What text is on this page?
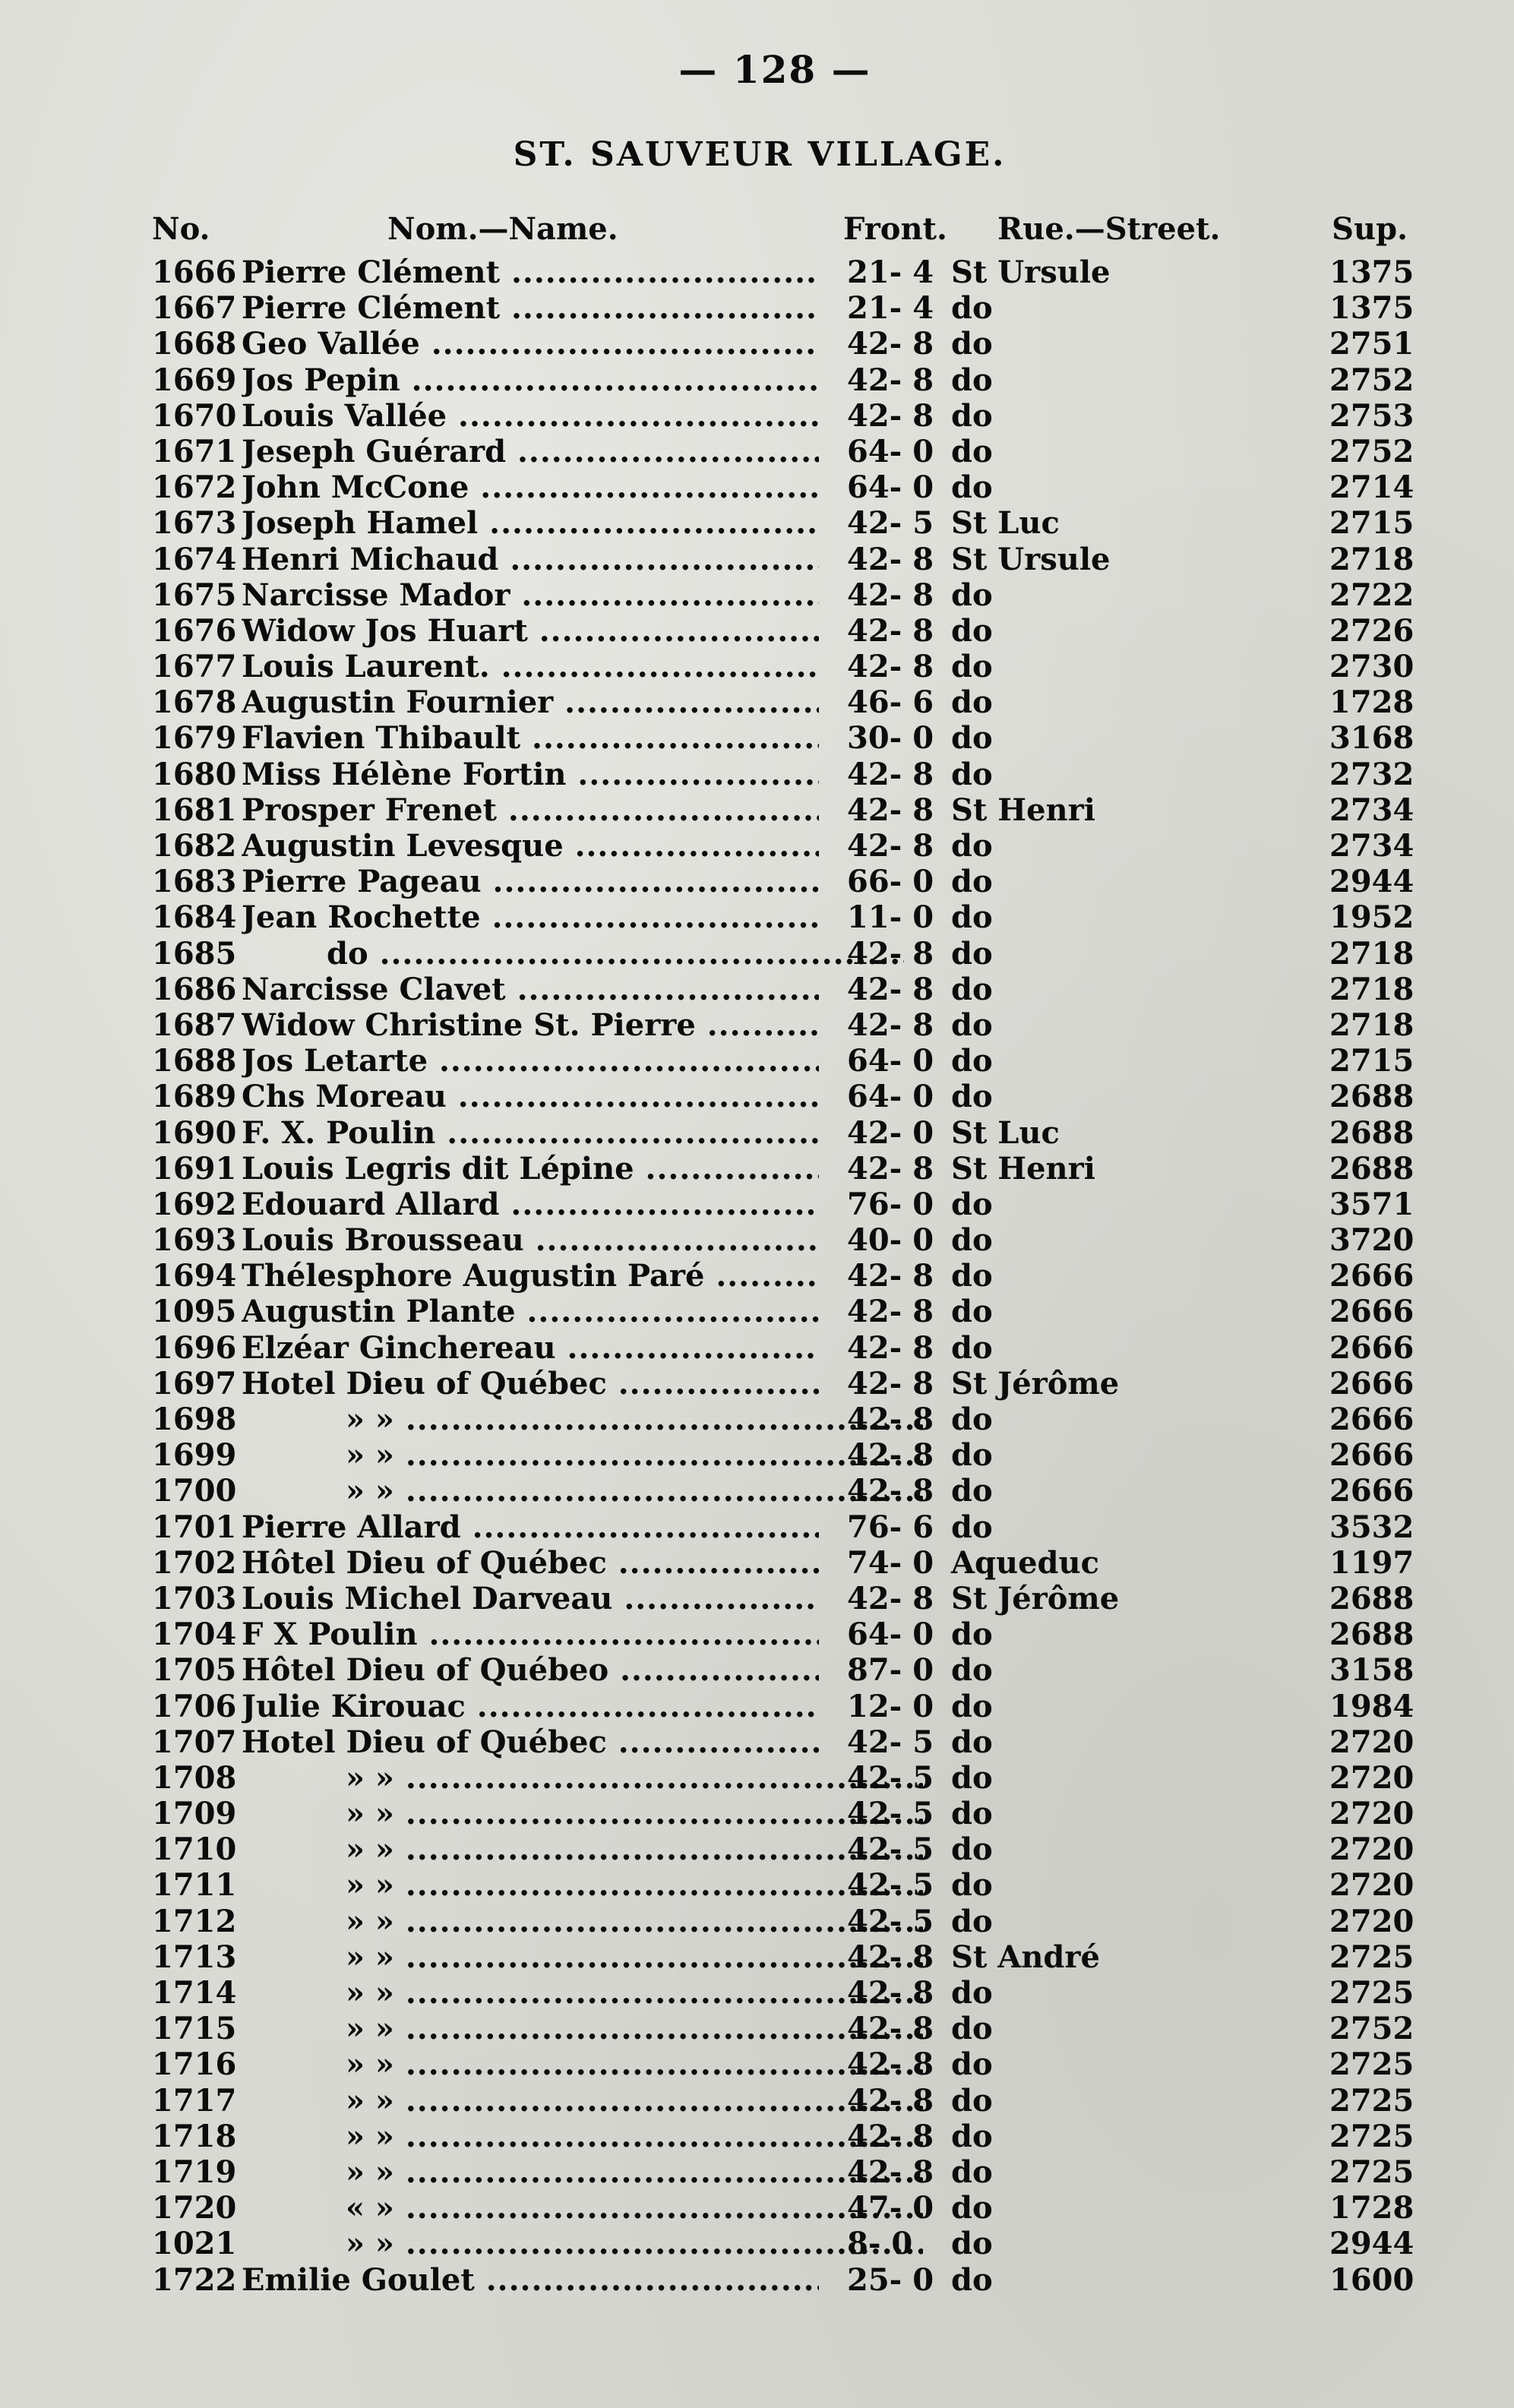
— 128 —
ST. SAUVEUR VILLAGE.
No.	Nom.—Name.	Front. Rue.—Street.	Sup.
1666 Pierre Clément .....	21- 4 St Ursule	1375
1667 Pierre Clément .....	21- 4 do	1375
1668 Geo Vallée .....	42- 8 do	2751
1669 Jos Pepin .....	42- 8 do	2752
1670 Louis Vallée .....	42- 8 do	2753
1671 Jeseph Guérard .....	64- 0 do	2752
1672 John McCone .....	64- 0 do	2714
1673 Joseph Hamel .....	42- 5 St Luc	2715
1674 Henri Michaud .....	42- 8 St Ursule	2718
1675 Narcisse Mador .....	42- 8 do	2722
1676 Widow Jos Huart .....	42- 8 do	2726
1677 Louis Laurent. .....	42- 8 do	2730
1678 Augustin Fournier .....	46- 6 do	1728
1679 Flavien Thibault .....	30- 0 do	3168
1680 Miss Hélène Fortin .....	42- 8 do	2732
1681 Prosper Frenet .....	42- 8 St Henri	2734
1682 Augustin Levesque .....	42- 8 do	2734
1683 Pierre Pageau .....	66- 0 do	2944
1684 Jean Rochette .....	11- 0 do	1952
1685	do .....	42- 8 do	2718
1686 Narcisse Clavet .....	42- 8 do	2718
1687 Widow Christine St. Pierre .....	42- 8 do	2718
1688 Jos Letarte .....	64- 0 do	2715
1689 Chs Moreau .....	64- 0 do	2688
1690 F. X. Poulin .....	42- 0 St Luc	2688
1691 Louis Legris dit Lépine .....	42- 8 St Henri	2688
1692 Edouard Allard .....	76- 0 do	3571
1693 Louis Brousseau .....	40- 0 do	3720
1694 Thélesphore Augustin Paré .....	42- 8 do	2666
1095 Augustin Plante .....	42- 8 do	2666
1696 Elzéar Ginchereau .....	42- 8 do	2666
1697 Hotel Dieu of Québec .....	42- 8 St Jérôme	2666
1698	» » .....	42- 8 do	2666
1699	» » .....	42- 8 do	2666
1700	» » .....	42- 8 do	2666
1701 Pierre Allard .....	76- 6 do	3532
1702 Hôtel Dieu of Québec .....	74- 0 Aqueduc	1197
1703 Louis Michel Darveau .....	42- 8 St Jérôme	2688
1704 F X Poulin .....	64- 0 do	2688
1705 Hôtel Dieu of Québeo .....	87- 0 do	3158
1706 Julie Kirouac .....	12- 0 do	1984
1707 Hotel Dieu of Québec .....	42- 5 do	2720
1708	» » .....	42- 5 do	2720
1709	» » .....	42- 5 do	2720
1710	» » .....	42- 5 do	2720
1711	» » .....	42- 5 do	2720
1712	» » .....	42- 5 do	2720
1713	» » .....	42- 8 St André	2725
1714	» » .....	42- 8 do	2725
1715	» » .....	42- 8 do	2752
1716	» » .....	42- 8 do	2725
1717	» » .....	42- 8 do	2725
1718	» » .....	42- 8 do	2725
1719	» » .....	42- 8 do	2725
1720	« » .....	47- 0 do	1728
1021	» » .....	8- 0	do	2944
1722 Emilie Goulet .....	25- 0 do	1600
